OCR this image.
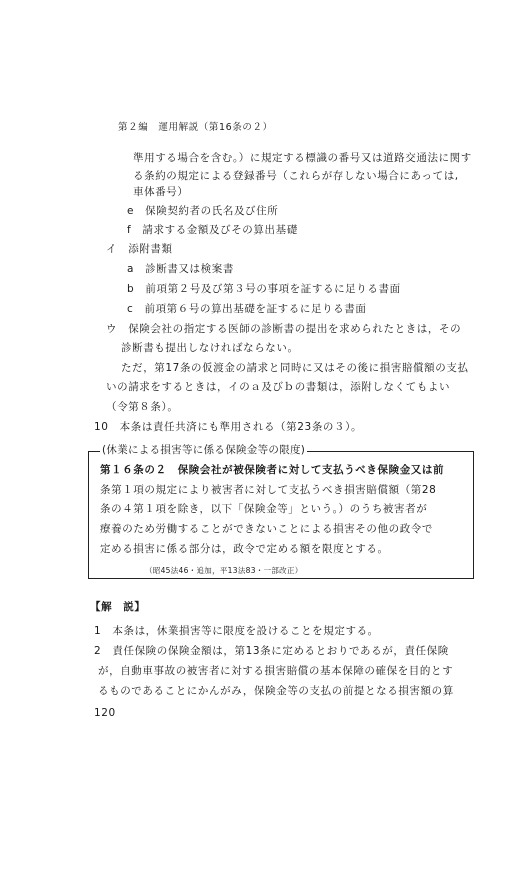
第２編　運用解説（第16条の２）
準用する場合を含む。）に規定する標識の番号又は道路交通法に関す
る条約の規定による登録番号（これらが存しない場合にあっては,
車体番号）
e　保険契約者の氏名及び住所
f　請求する金額及びその算出基礎
イ　添附書類
a　診断書又は検案書
b　前項第２号及び第３号の事項を証するに足りる書面
c　前項第６号の算出基礎を証するに足りる書面
ウ　保険会社の指定する医師の診断書の提出を求められたときは，その
診断書も提出しなければならない。
ただ，第17条の仮渡金の請求と同時に又はその後に損害賠償額の支払
いの請求をするときは，イのａ及びｂの書類は，添附しなくてもよい
（令第８条）。
10　本条は責任共済にも準用される（第23条の３）。
(休業による損害等に係る保険金等の限度)
第１６条の２　保険会社が被保険者に対して支払うべき保険金又は前
条第１項の規定により被害者に対して支払うべき損害賠償額（第28
条の４第１項を除き，以下「保険金等」という。）のうち被害者が
療養のため労働することができないことによる損害その他の政令で
定める損害に係る部分は，政令で定める額を限度とする。
（昭45法46・追加，平13法83・一部改正）
【解　説】
1　本条は，休業損害等に限度を設けることを規定する。
2　責任保険の保険金額は，第13条に定めるとおりであるが，責任保険
が，自動車事故の被害者に対する損害賠償の基本保障の確保を目的とす
るものであることにかんがみ，保険金等の支払の前提となる損害額の算
120
